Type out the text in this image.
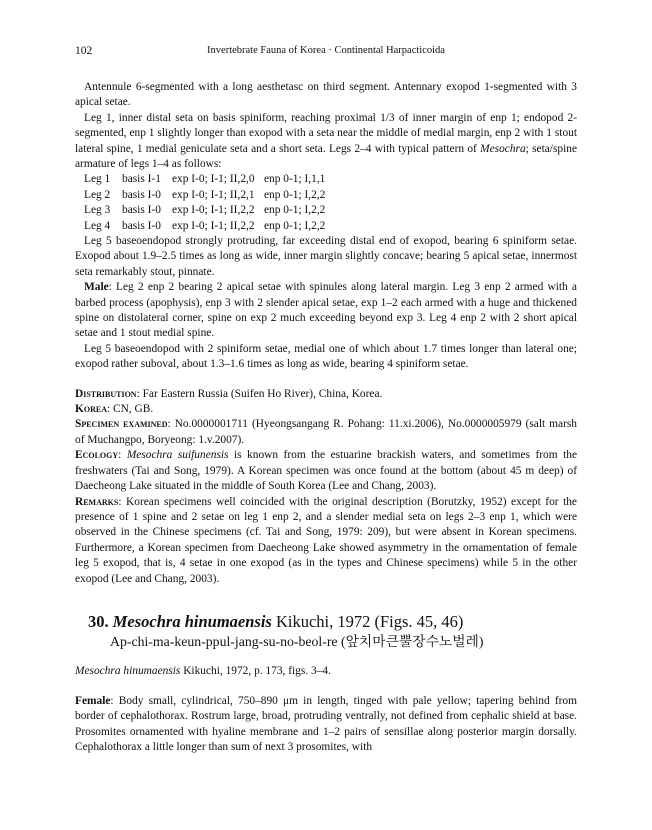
102	Invertebrate Fauna of Korea · Continental Harpacticoida

Antennule 6-segmented with a long aesthetasc on third segment. Antennary exopod 1-segmented with 3 apical setae.

Leg 1, inner distal seta on basis spiniform, reaching proximal 1/3 of inner margin of enp 1; endopod 2-segmented, enp 1 slightly longer than exopod with a seta near the middle of medial margin, enp 2 with 1 stout lateral spine, 1 medial geniculate seta and a short seta. Legs 2–4 with typical pattern of Mesochra; seta/spine armature of legs 1–4 as follows:

Leg 1	basis I-1 exp I-0; I-1; II,2,0 enp 0-1; I,1,1
Leg 2	basis I-0 exp I-0; I-1; II,2,1 enp 0-1; I,2,2
Leg 3	basis I-0 exp I-0; I-1; II,2,2 enp 0-1; I,2,2
Leg 4	basis I-0 exp I-0; I-1; II,2,2 enp 0-1; I,2,2

Leg 5 baseoendopod strongly protruding, far exceeding distal end of exopod, bearing 6 spiniform setae. Exopod about 1.9–2.5 times as long as wide, inner margin slightly concave; bearing 5 apical setae, innermost seta remarkably stout, pinnate.

Male: Leg 2 enp 2 bearing 2 apical setae with spinules along lateral margin. Leg 3 enp 2 armed with a barbed process (apophysis), enp 3 with 2 slender apical setae, exp 1–2 each armed with a huge and thickened spine on distolateral corner, spine on exp 2 much exceeding beyond exp 3. Leg 4 enp 2 with 2 short apical setae and 1 stout medial spine.

Leg 5 baseoendopod with 2 spiniform setae, medial one of which about 1.7 times longer than lateral one; exopod rather suboval, about 1.3–1.6 times as long as wide, bearing 4 spiniform setae.

Distribution: Far Eastern Russia (Suifen Ho River), China, Korea.

Korea: CN, GB.

Specimen examined: No.0000001711 (Hyeongsangang R. Pohang: 11.xi.2006), No.0000005979 (salt marsh of Muchangpo, Boryeong: 1.v.2007).

Ecology: Mesochra suifunensis is known from the estuarine brackish waters, and sometimes from the freshwaters (Tai and Song, 1979). A Korean specimen was once found at the bottom (about 45 m deep) of Daecheong Lake situated in the middle of South Korea (Lee and Chang, 2003).

Remarks: Korean specimens well coincided with the original description (Borutzky, 1952) except for the presence of 1 spine and 2 setae on leg 1 enp 2, and a slender medial seta on legs 2–3 enp 1, which were observed in the Chinese specimens (cf. Tai and Song, 1979: 209), but were absent in Korean specimens. Furthermore, a Korean specimen from Daecheong Lake showed asymmetry in the ornamentation of female leg 5 exopod, that is, 4 setae in one exopod (as in the types and Chinese specimens) while 5 in the other exopod (Lee and Chang, 2003).

30. Mesochra hinumaensis Kikuchi, 1972 (Figs. 45, 46)
Ap-chi-ma-keun-ppul-jang-su-no-beol-re (앞치마큰뿔장수노벌레)
Mesochra hinumaensis Kikuchi, 1972, p. 173, figs. 3–4.

Female: Body small, cylindrical, 750–890 μm in length, tinged with pale yellow; tapering behind from border of cephalothorax. Rostrum large, broad, protruding ventrally, not defined from cephalic shield at base. Prosomites ornamented with hyaline membrane and 1–2 pairs of sensillae along posterior margin dorsally. Cephalothorax a little longer than sum of next 3 prosomites, with
